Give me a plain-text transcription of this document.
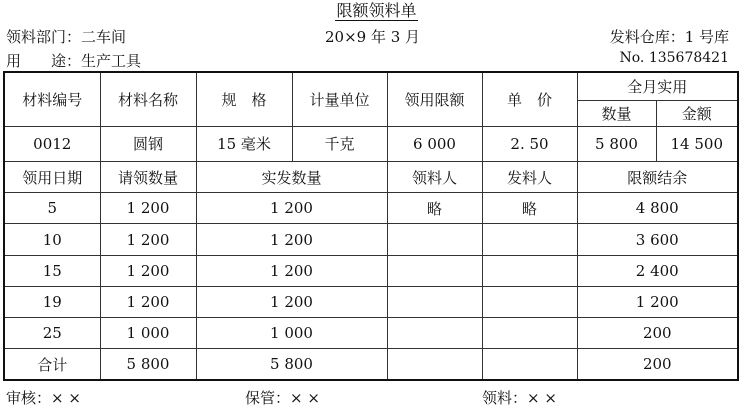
限额领料单
领料部门：二车间	20×9 年 3 月	发料仓库：1 号库
用　　途：生产工具	No. 135678421
材料编号	材料名称	规　格	计量单位	领用限额	单　价	全月实用	
						数量	金额
0012	圆钢	15 毫米	千克	6 000	2. 50	5 800	14 500
领用日期	请领数量	实发数量		领料人	发料人	限额结余	
5	1 200	1 200		略	略	4 800	
10	1 200	1 200				3 600	
15	1 200	1 200				2 400	
19	1 200	1 200				1 200	
25	1 000	1 000				200	
合计	5 800	5 800				200	
审核：× ×	保管：× ×	领料：× ×
